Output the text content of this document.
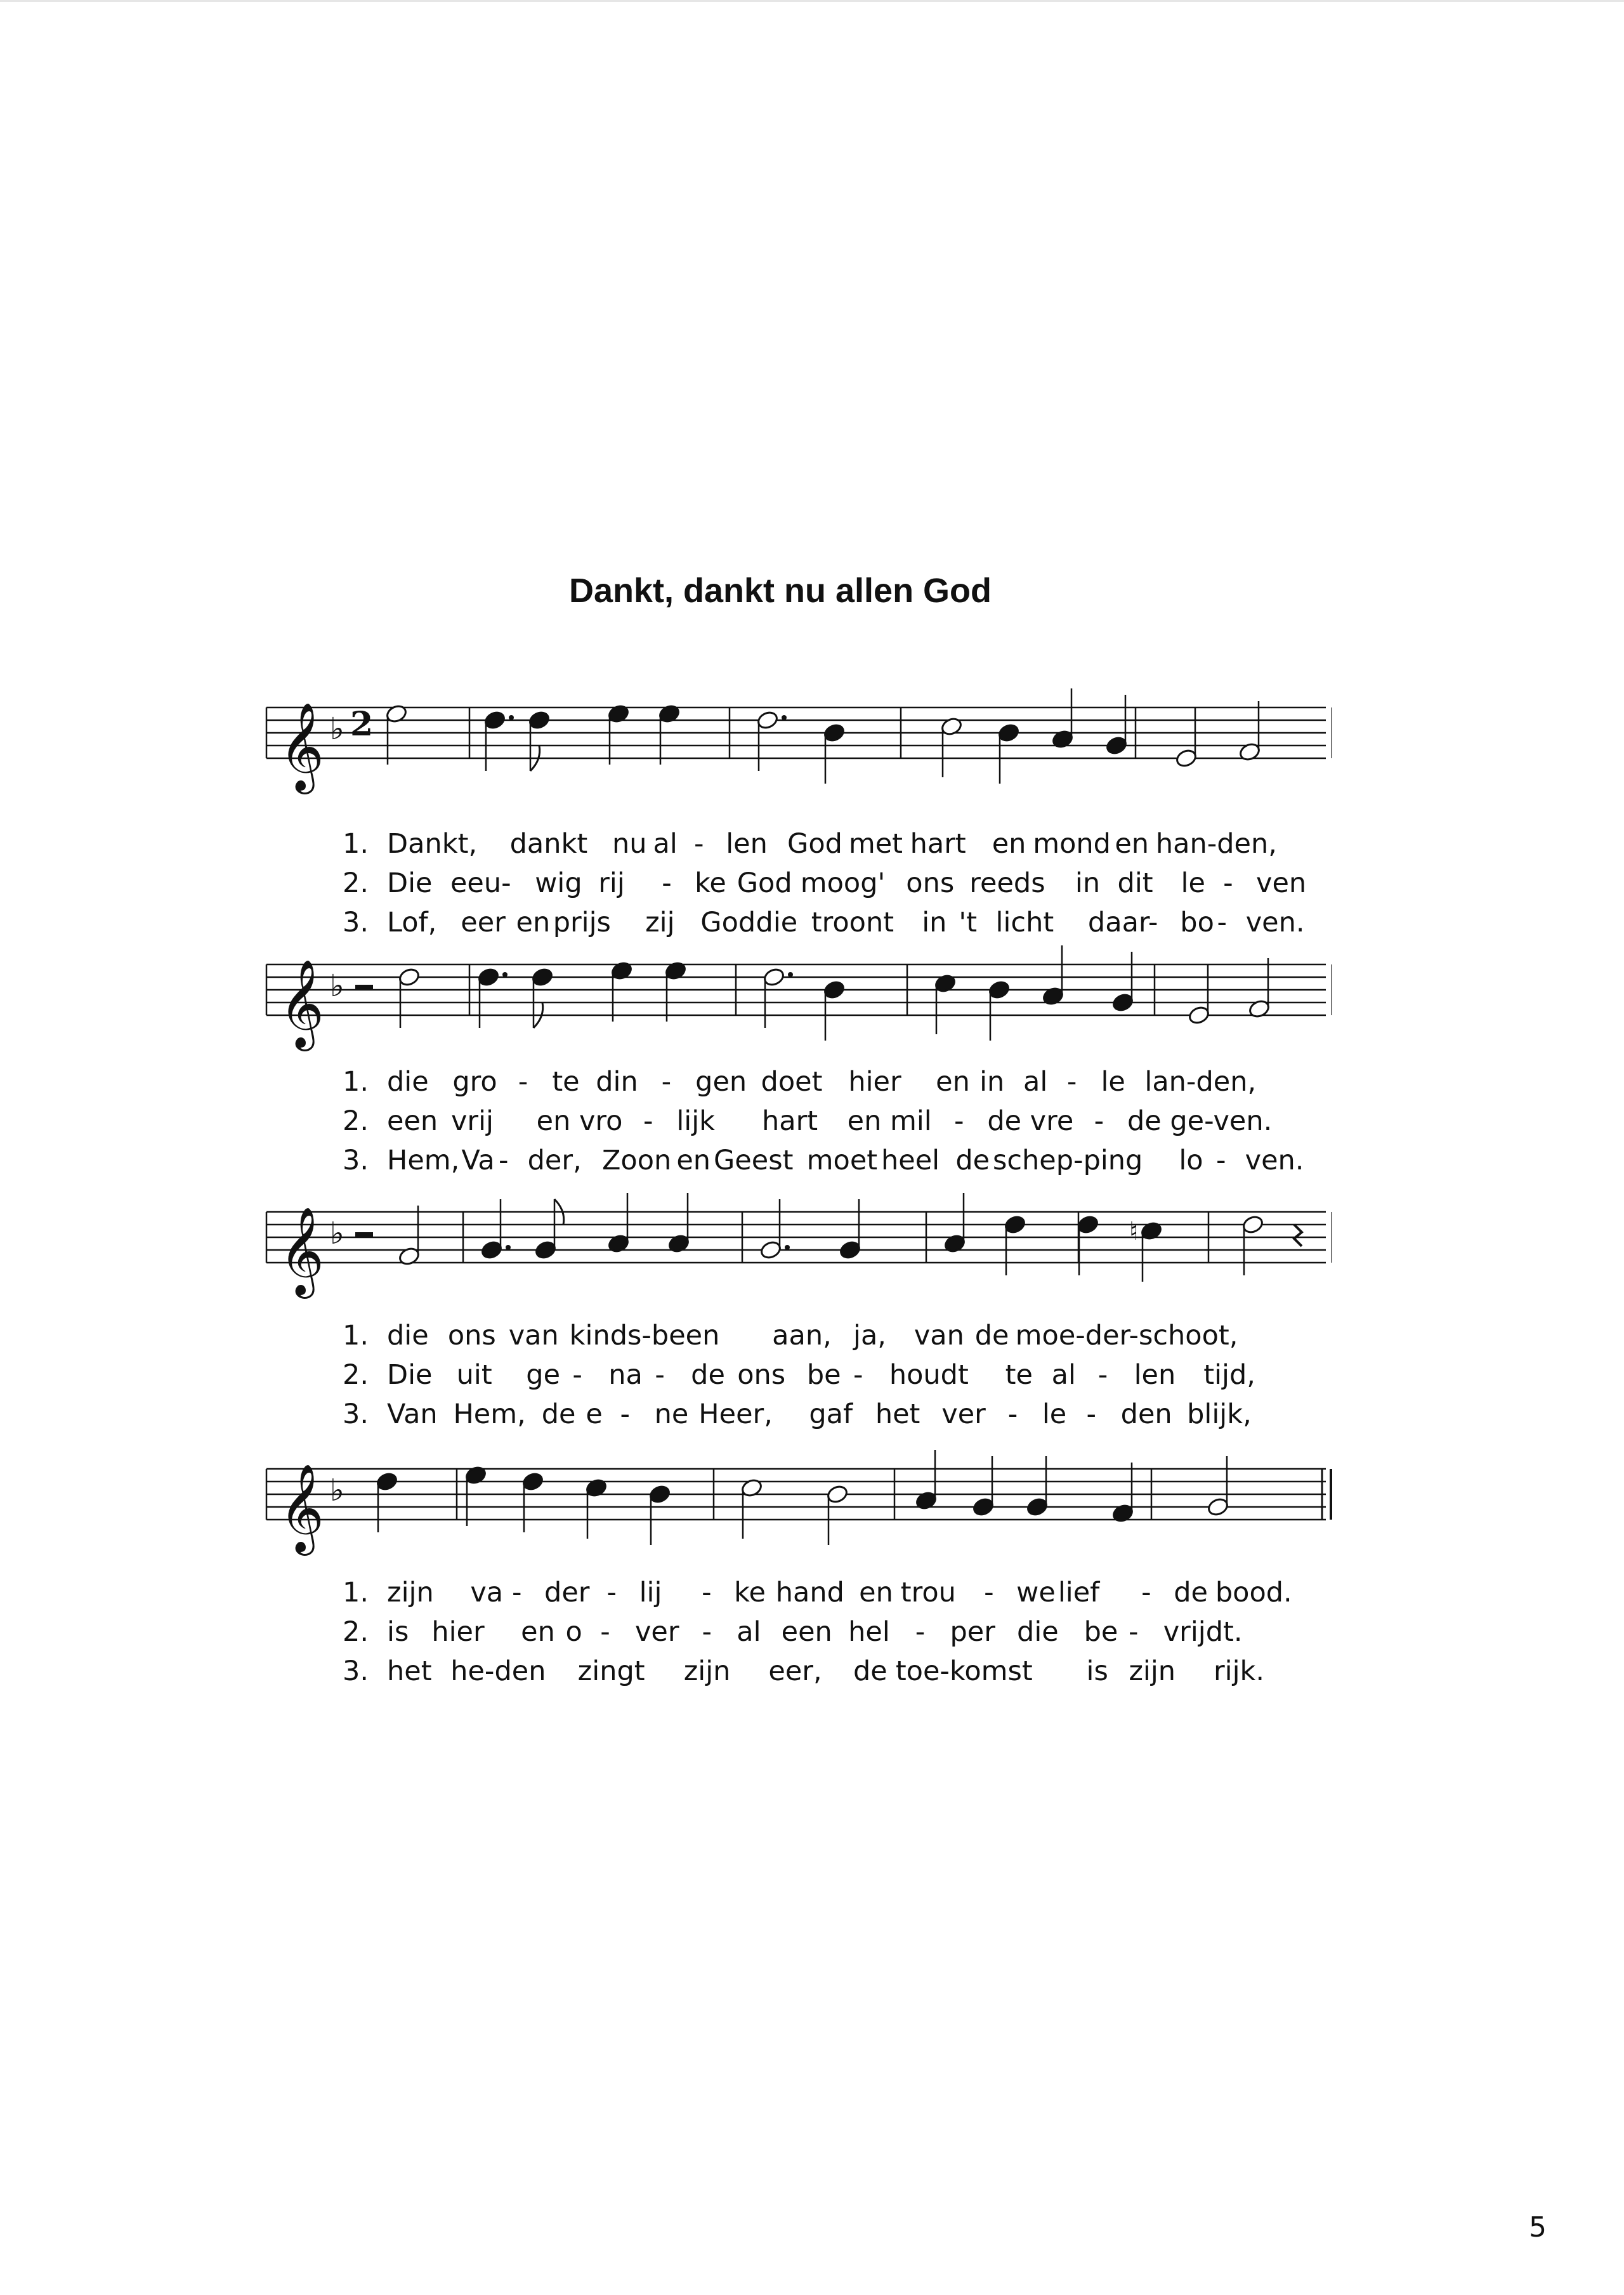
Dankt, dankt nu allen God
𝄞 ♭ 2
1. Dankt, dankt nu al - len God met hart en mond en han-den,
2. Die eeu- wig rij - ke God moog' ons reeds in dit le - ven
3. Lof, eer en prijs zij God die troont in 't licht daar- bo - ven.
𝄞 ♭
1. die gro - te din - gen doet hier en in al - le lan-den,
2. een vrij en vro - lijk hart en mil - de vre - de ge-ven.
3. Hem, Va - der, Zoon en Geest moet heel de schep-ping lo - ven.
𝄞 ♭	♮
1. die ons van kinds-been aan, ja, van de moe-der-schoot,
2. Die uit ge - na - de ons be - houdt te al - len tijd,
3. Van Hem, de e - ne Heer, gaf het ver - le - den blijk,
𝄞 ♭
1. zijn va - der - lij - ke hand en trou - we lief - de bood.
2. is hier en o - ver - al een hel - per die be - vrijdt.
3. het he-den zingt zijn eer, de toe-komst is zijn rijk.
5
